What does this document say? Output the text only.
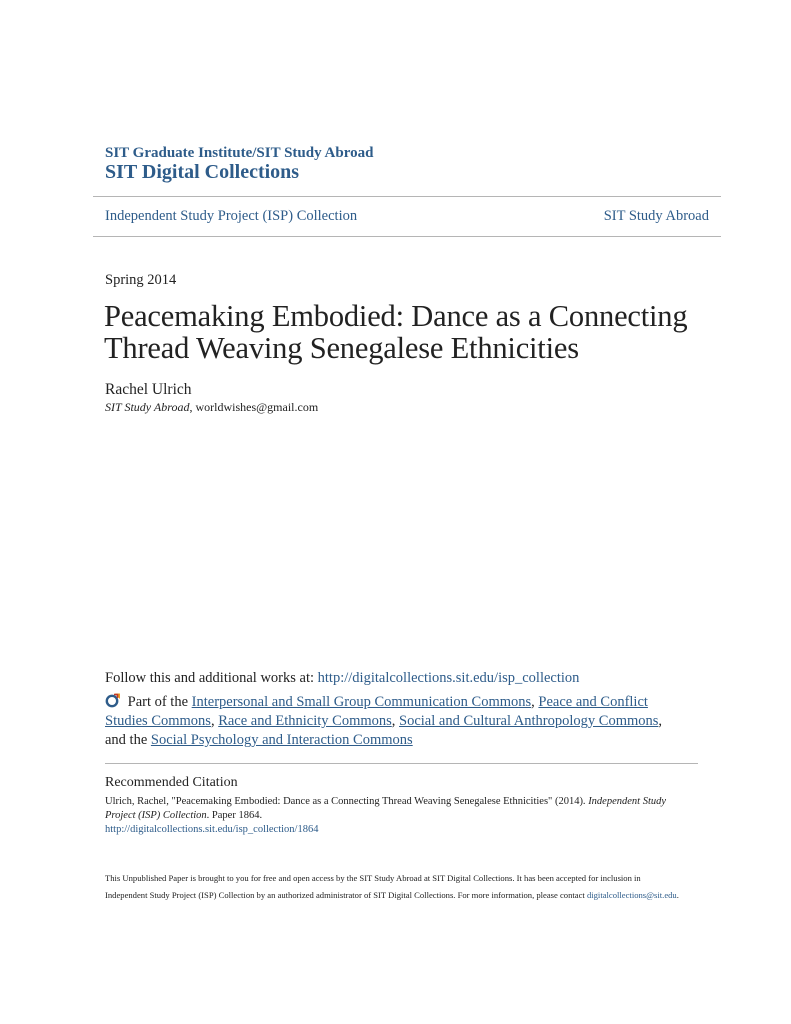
SIT Graduate Institute/SIT Study Abroad
SIT Digital Collections
Independent Study Project (ISP) Collection	SIT Study Abroad
Spring 2014
Peacemaking Embodied: Dance as a Connecting
Thread Weaving Senegalese Ethnicities
Rachel Ulrich
SIT Study Abroad, worldwishes@gmail.com
Follow this and additional works at: http://digitalcollections.sit.edu/isp_collection
Part of the Interpersonal and Small Group Communication Commons, Peace and Conflict Studies Commons, Race and Ethnicity Commons, Social and Cultural Anthropology Commons, and the Social Psychology and Interaction Commons
Recommended Citation
Ulrich, Rachel, "Peacemaking Embodied: Dance as a Connecting Thread Weaving Senegalese Ethnicities" (2014). Independent Study Project (ISP) Collection. Paper 1864.
http://digitalcollections.sit.edu/isp_collection/1864
This Unpublished Paper is brought to you for free and open access by the SIT Study Abroad at SIT Digital Collections. It has been accepted for inclusion in Independent Study Project (ISP) Collection by an authorized administrator of SIT Digital Collections. For more information, please contact digitalcollections@sit.edu.
